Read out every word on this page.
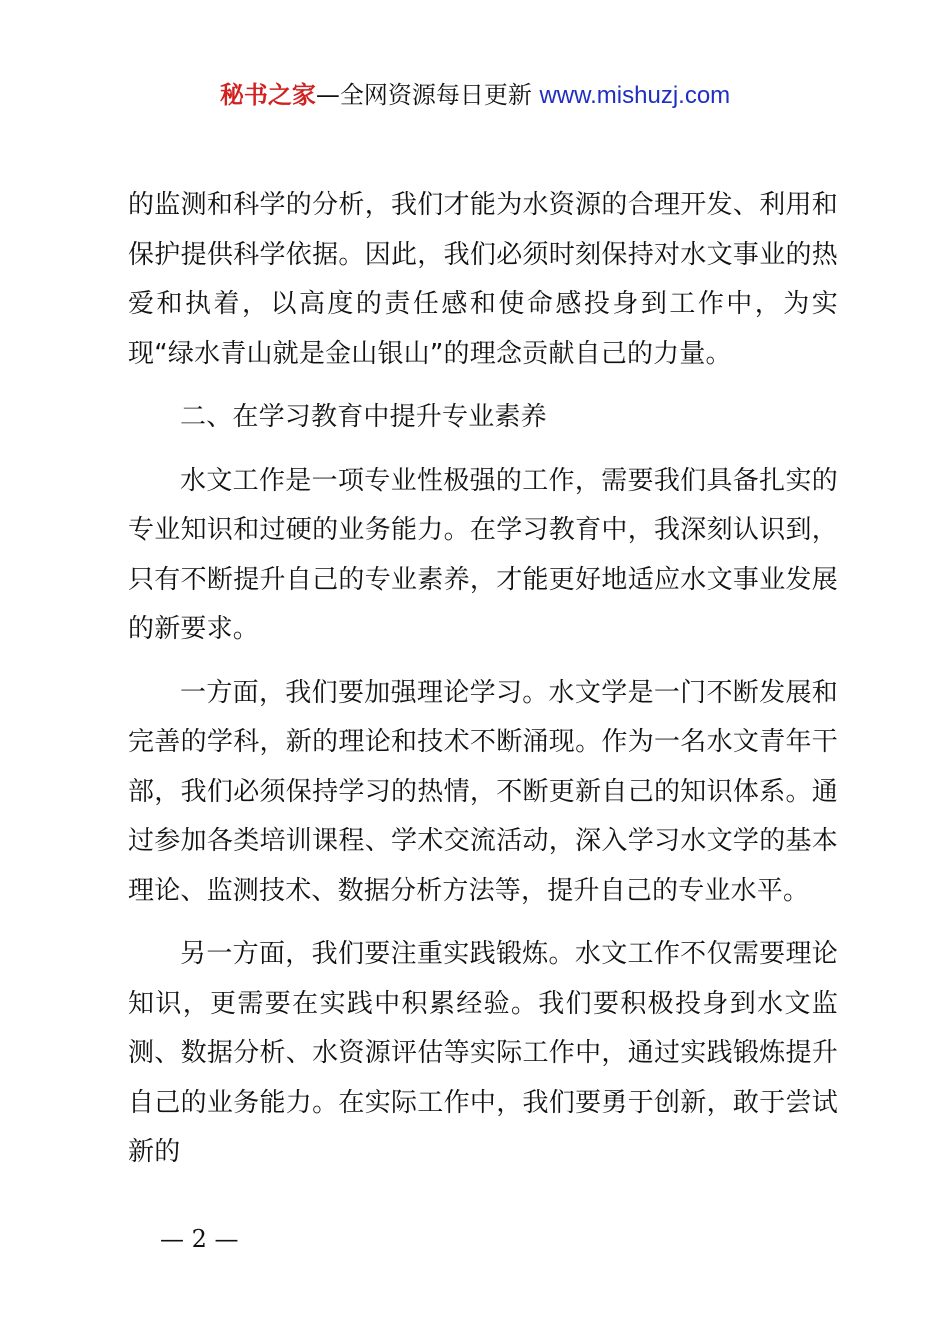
秘书之家—全网资源每日更新 www.mishuzj.com

的监测和科学的分析，我们才能为水资源的合理开发、利用和保护提供科学依据。因此，我们必须时刻保持对水文事业的热爱和执着，以高度的责任感和使命感投身到工作中，为实现“绿水青山就是金山银山”的理念贡献自己的力量。

二、在学习教育中提升专业素养

水文工作是一项专业性极强的工作，需要我们具备扎实的专业知识和过硬的业务能力。在学习教育中，我深刻认识到，只有不断提升自己的专业素养，才能更好地适应水文事业发展的新要求。

一方面，我们要加强理论学习。水文学是一门不断发展和完善的学科，新的理论和技术不断涌现。作为一名水文青年干部，我们必须保持学习的热情，不断更新自己的知识体系。通过参加各类培训课程、学术交流活动，深入学习水文学的基本理论、监测技术、数据分析方法等，提升自己的专业水平。

另一方面，我们要注重实践锻炼。水文工作不仅需要理论知识，更需要在实践中积累经验。我们要积极投身到水文监测、数据分析、水资源评估等实际工作中，通过实践锻炼提升自己的业务能力。在实际工作中，我们要勇于创新，敢于尝试新的

— 2 —
